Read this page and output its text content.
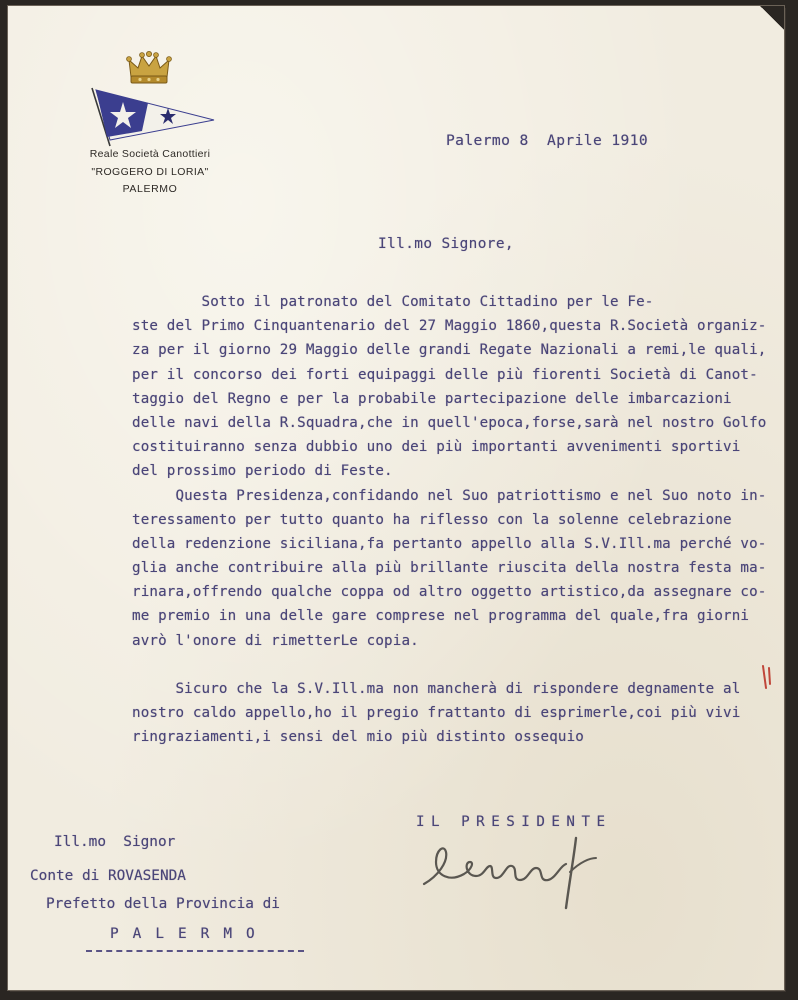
Reale Società Canottieri
"ROGGERO DI LORIA"
PALERMO
Palermo 8  Aprile 1910
Ill.mo Signore,
Sotto il patronato del Comitato Cittadino per le Fe-
ste del Primo Cinquantenario del 27 Maggio 1860,questa R.Società organiz-
za per il giorno 29 Maggio delle grandi Regate Nazionali a remi,le quali,
per il concorso dei forti equipaggi delle più fiorenti Società di Canot-
taggio del Regno e per la probabile partecipazione delle imbarcazioni
delle navi della R.Squadra,che in quell'epoca,forse,sarà nel nostro Golfo
costituiranno senza dubbio uno dei più importanti avvenimenti sportivi
del prossimo periodo di Feste.
Questa Presidenza,confidando nel Suo patriottismo e nel Suo noto in-
teressamento per tutto quanto ha riflesso con la solenne celebrazione
della redenzione siciliana,fa pertanto appello alla S.V.Ill.ma perché vo-
glia anche contribuire alla più brillante riuscita della nostra festa ma-
rinara,offrendo qualche coppa od altro oggetto artistico,da assegnare co-
me premio in una delle gare comprese nel programma del quale,fra giorni
avrò l'onore di rimetterLe copia.
Sicuro che la S.V.Ill.ma non mancherà di rispondere degnamente al
nostro caldo appello,ho il pregio frattanto di esprimerle,coi più vivi
ringraziamenti,i sensi del mio più distinto ossequio
IL PRESIDENTE
Ill.mo  Signor
Conte di ROVASENDA
Prefetto della Provincia di
PALERMO
